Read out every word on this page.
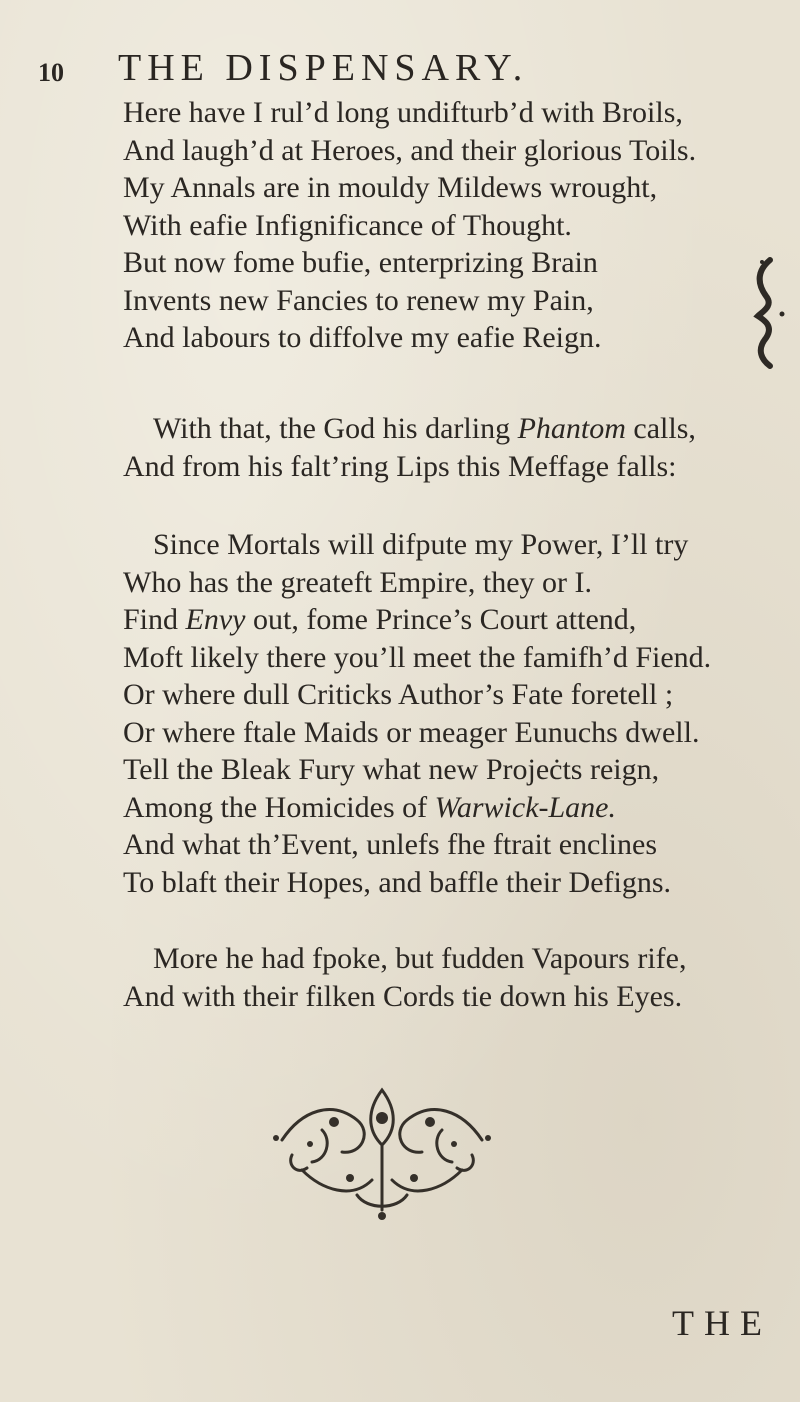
10 THE DISPENSARY.
Here have I rul’d long undifturb’d with Broils,
And laugh’d at Heroes, and their glorious Toils.
My Annals are in mouldy Mildews wrought,
With eafie Infignificance of Thought.
But now fome bufie, enterprizing Brain
Invents new Fancies to renew my Pain,
And labours to diffolve my eafie Reign.
With that, the God his darling Phantom calls,
And from his falt’ring Lips this Meffage falls:
Since Mortals will difpute my Power, I’ll try
Who has the greateft Empire, they or I.
Find Envy out, fome Prince’s Court attend,
Moft likely there you’ll meet the famifh’d Fiend.
Or where dull Criticks Author’s Fate foretell ;
Or where ftale Maids or meager Eunuchs dwell.
Tell the Bleak Fury what new Projeċts reign,
Among the Homicides of Warwick-Lane.
And what th’Event, unlefs fhe ftrait enclines
To blaft their Hopes, and baffle their Defigns.
More he had fpoke, but fudden Vapours rife,
And with their filken Cords tie down his Eyes.
THE
